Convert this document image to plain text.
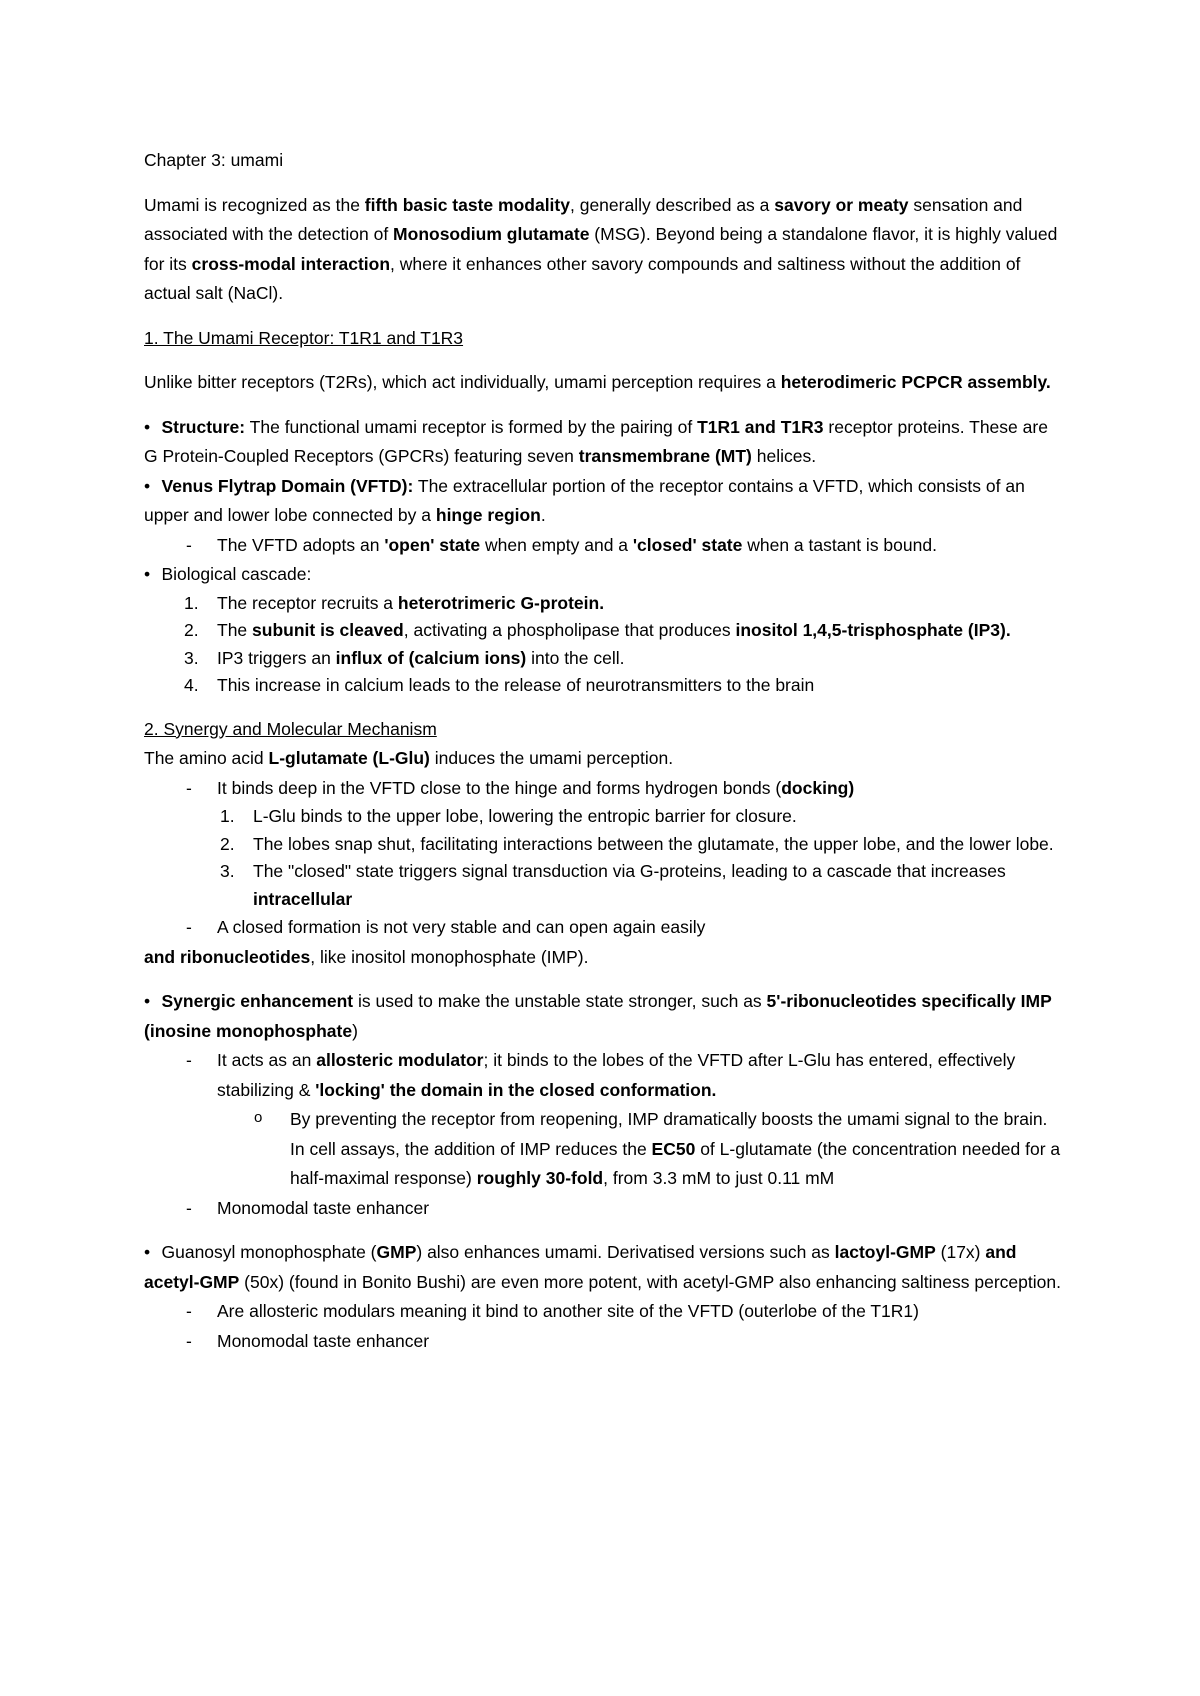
Chapter 3: umami

Umami is recognized as the fifth basic taste modality, generally described as a savory or meaty sensation and associated with the detection of Monosodium glutamate (MSG). Beyond being a standalone flavor, it is highly valued for its cross-modal interaction, where it enhances other savory compounds and saltiness without the addition of actual salt (NaCl).

1. The Umami Receptor: T1R1 and T1R3

Unlike bitter receptors (T2Rs), which act individually, umami perception requires a heterodimeric PCPCR assembly.

• Structure: The functional umami receptor is formed by the pairing of T1R1 and T1R3 receptor proteins. These are G Protein-Coupled Receptors (GPCRs) featuring seven transmembrane (MT) helices.

• Venus Flytrap Domain (VFTD): The extracellular portion of the receptor contains a VFTD, which consists of an upper and lower lobe connected by a hinge region.

- The VFTD adopts an 'open' state when empty and a 'closed' state when a tastant is bound.

• Biological cascade:

1. The receptor recruits a heterotrimeric G-protein.
2. The subunit is cleaved, activating a phospholipase that produces inositol 1,4,5-trisphosphate (IP3).
3. IP3 triggers an influx of (calcium ions) into the cell.
4. This increase in calcium leads to the release of neurotransmitters to the brain

2. Synergy and Molecular Mechanism

The amino acid L-glutamate (L-Glu) induces the umami perception.

- It binds deep in the VFTD close to the hinge and forms hydrogen bonds (docking)
1. L-Glu binds to the upper lobe, lowering the entropic barrier for closure.
2. The lobes snap shut, facilitating interactions between the glutamate, the upper lobe, and the lower lobe.
3. The "closed" state triggers signal transduction via G-proteins, leading to a cascade that increases intracellular
- A closed formation is not very stable and can open again easily

and ribonucleotides, like inositol monophosphate (IMP).

• Synergic enhancement is used to make the unstable state stronger, such as 5'-ribonucleotides specifically IMP (inosine monophosphate)

- It acts as an allosteric modulator; it binds to the lobes of the VFTD after L-Glu has entered, effectively stabilizing & 'locking' the domain in the closed conformation.
o By preventing the receptor from reopening, IMP dramatically boosts the umami signal to the brain. In cell assays, the addition of IMP reduces the EC50 of L-glutamate (the concentration needed for a half-maximal response) roughly 30-fold, from 3.3 mM to just 0.11 mM
- Monomodal taste enhancer

• Guanosyl monophosphate (GMP) also enhances umami. Derivatised versions such as lactoyl-GMP (17x) and acetyl-GMP (50x) (found in Bonito Bushi) are even more potent, with acetyl-GMP also enhancing saltiness perception.

- Are allosteric modulars meaning it bind to another site of the VFTD (outerlobe of the T1R1)
- Monomodal taste enhancer
